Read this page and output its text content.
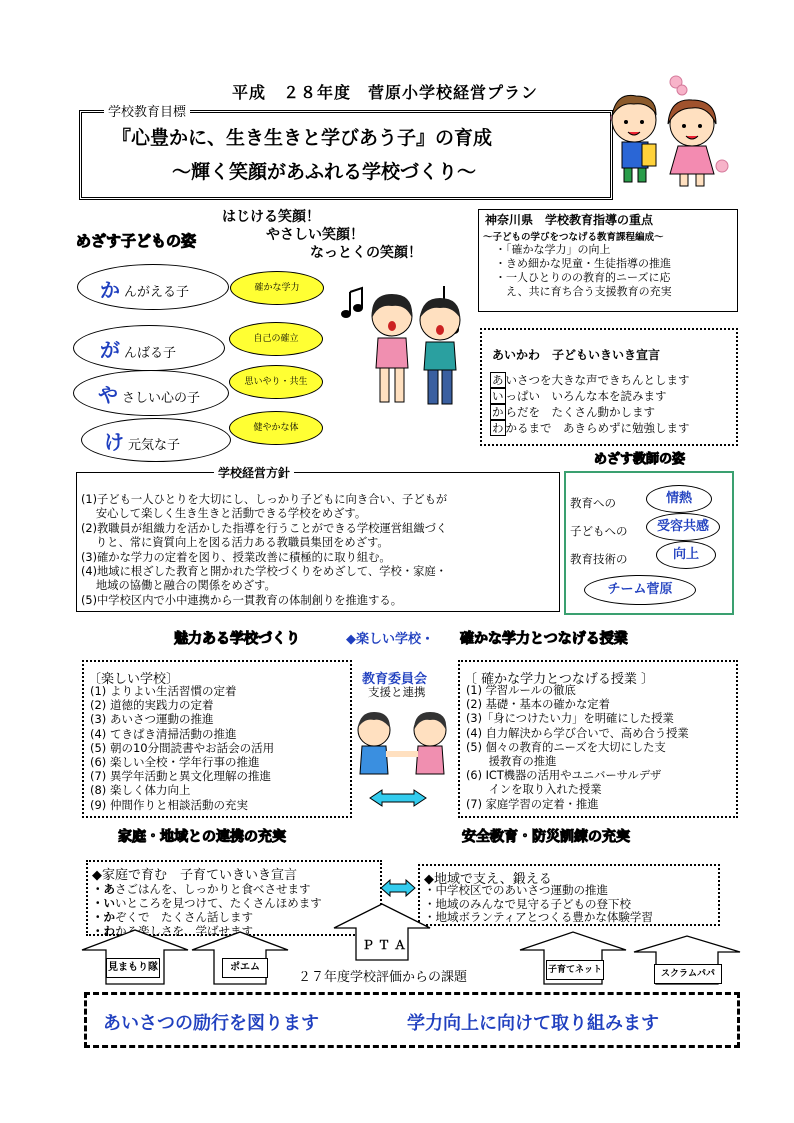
平成　２８年度　菅原小学校経営プラン
『心豊かに、生き生きと学びあう子』の育成
〜輝く笑顔があふれる学校づくり〜
学校教育目標
はじける笑顔！
やさしい笑顔！
なっとくの笑顔！
めざす子どもの姿
か んがえる子
が んばる子
や さしい心の子
け 元気な子
確かな学力
自己の確立
思いやり・共生
健やかな体
神奈川県　学校教育指導の重点
〜子どもの学びをつなげる教育課程編成〜
・「確かな学力」の向上
・きめ細かな児童・生徒指導の推進
・一人ひとりのの教育的ニーズに応
　え、共に育ち合う支援教育の充実
あいかわ　子どもいきいき宣言
あ いさつを大きな声できちんとします
い っぱい　いろんな本を読みます
か らだを　たくさん動かします
わ かるまで　あきらめずに勉強します
(1)子ども一人ひとりを大切にし、しっかり子どもに向き合い、子どもが
　 安心して楽しく生き生きと活動できる学校をめざす。
(2)教職員が組織力を活かした指導を行うことができる学校運営組織づく
　 りと、常に資質向上を図る活力ある教職員集団をめざす。
(3)確かな学力の定着を図り、授業改善に積極的に取り組む。
(4)地域に根ざした教育と開かれた学校づくりをめざして、学校・家庭・
　 地域の協働と融合の関係をめざす。
(5)中学校区内で小中連携から一貫教育の体制創りを推進する。
学校経営方針
教育への	情熱
子どもへの	受容共感
教育技術の	向上
チーム菅原
めざす教師の姿
魅力ある学校づくり	◆楽しい学校・ 確かな学力とつなげる授業
〔楽しい学校〕
(1) よりよい生活習慣の定着
(2) 道徳的実践力の定着
(3) あいさつ運動の推進
(4) てきぱき清掃活動の推進
(5) 朝の10分間読書やお話会の活用
(6) 楽しい全校・学年行事の推進
(7) 異学年活動と異文化理解の推進
(8) 楽しく体力向上
(9) 仲間作りと相談活動の充実
教育委員会
支援と連携
〔 確かな学力とつなげる授業 〕
(1) 学習ルールの徹底
(2) 基礎・基本の確かな定着
(3)「身につけたい力」を明確にした授業
(4) 自力解決から学び合いで、高め合う授業
(5) 個々の教育的ニーズを大切にした支
　　援教育の推進
(6) ICT機器の活用やユニバーサルデザ
　　インを取り入れた授業
(7) 家庭学習の定着・推進
家庭・地域との連携の充実	安全教育・防災訓練の充実
◆家庭で育む　子育ていきいき宣言
・あさごはんを、しっかりと食べさせます
・いいところを見つけて、たくさんほめます
・かぞくで　たくさん話します
・わかる楽しさを、学ばせます
◆地域で支え、鍛える
・中学校区でのあいさつ運動の推進
・地域のみんなで見守る子どもの登下校
・地域ボランティアとつくる豊かな体験学習
ＰＴＡ
見まもり隊	ポエム
２７年度学校評価からの課題	子育てネット	スクラムパパ
あいさつの励行を図ります	学力向上に向けて取り組みます
